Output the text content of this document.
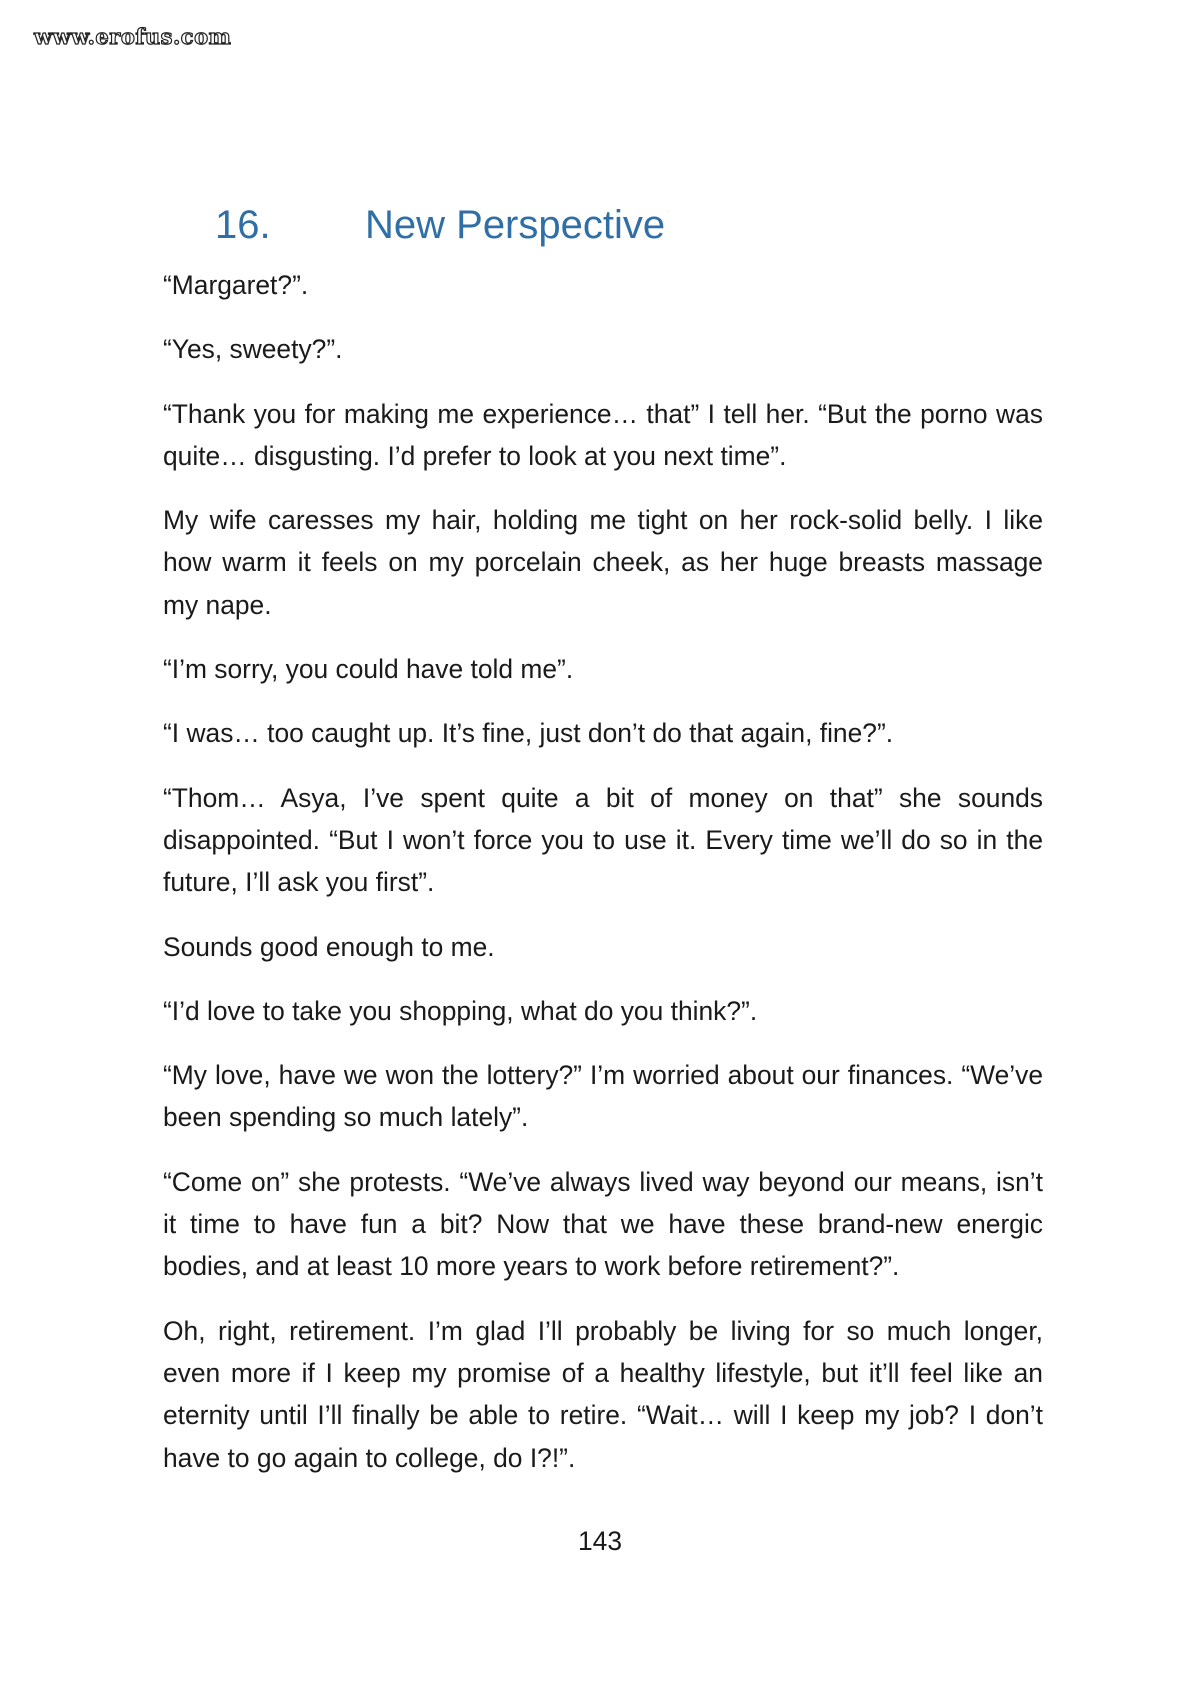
www.erofus.com
16. New Perspective

“Margaret?”.

“Yes, sweety?”.

“Thank you for making me experience… that” I tell her. “But the porno was quite… disgusting. I’d prefer to look at you next time”.

My wife caresses my hair, holding me tight on her rock-solid belly. I like how warm it feels on my porcelain cheek, as her huge breasts massage my nape.

“I’m sorry, you could have told me”.

“I was… too caught up. It’s fine, just don’t do that again, fine?”.

“Thom… Asya, I’ve spent quite a bit of money on that” she sounds disappointed. “But I won’t force you to use it. Every time we’ll do so in the future, I’ll ask you first”.

Sounds good enough to me.

“I’d love to take you shopping, what do you think?”.

“My love, have we won the lottery?” I’m worried about our finances. “We’ve been spending so much lately”.

“Come on” she protests. “We’ve always lived way beyond our means, isn’t it time to have fun a bit? Now that we have these brand-new energic bodies, and at least 10 more years to work before retirement?”.

Oh, right, retirement. I’m glad I’ll probably be living for so much longer, even more if I keep my promise of a healthy lifestyle, but it’ll feel like an eternity until I’ll finally be able to retire. “Wait… will I keep my job? I don’t have to go again to college, do I?!”.

143
